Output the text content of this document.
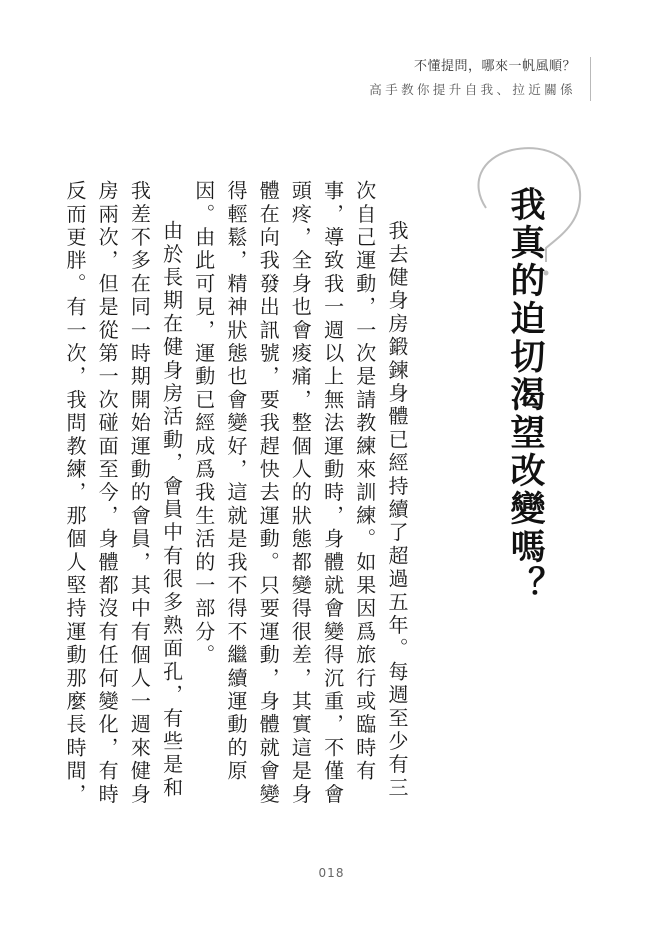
不懂提問，哪來一帆風順？
高手教你提升自我、拉近關係
我真的迫切渴望改變嗎？

我去健身房鍛鍊身體已經持續了超過五年。每週至少有三次自己運動，一次是請教練來訓練。如果因爲旅行或臨時有事，導致我一週以上無法運動時，身體就會變得沉重，不僅會頭疼，全身也會痠痛，整個人的狀態都變得很差，其實這是身體在向我發出訊號，要我趕快去運動。只要運動，身體就會變得輕鬆，精神狀態也會變好，這就是我不得不繼續運動的原因。由此可見，運動已經成爲我生活的一部分。

由於長期在健身房活動，會員中有很多熟面孔，有些是和我差不多在同一時期開始運動的會員，其中有個人一週來健身房兩次，但是從第一次碰面至今，身體都沒有任何變化，有時反而更胖。有一次，我問教練，那個人堅持運動那麼長時間，

018
